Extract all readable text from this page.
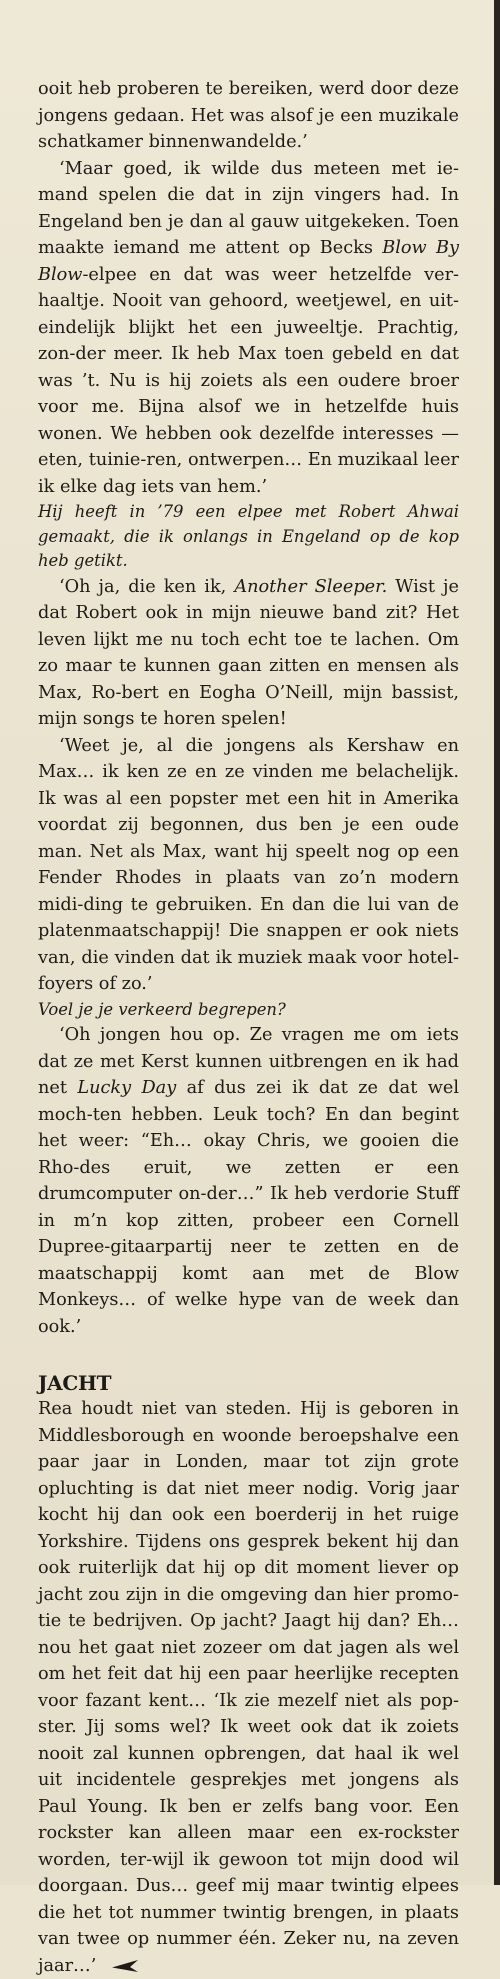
ooit heb proberen te bereiken, werd door deze jongens gedaan. Het was alsof je een muzikale schatkamer binnenwandelde.’

‘Maar goed, ik wilde dus meteen met ie-mand spelen die dat in zijn vingers had. In Engeland ben je dan al gauw uitgekeken. Toen maakte iemand me attent op Becks Blow By Blow-elpee en dat was weer hetzelfde ver-haaltje. Nooit van gehoord, weetjewel, en uit-eindelijk blijkt het een juweeltje. Prachtig, zon-der meer. Ik heb Max toen gebeld en dat was ’t. Nu is hij zoiets als een oudere broer voor me. Bijna alsof we in hetzelfde huis wonen. We hebben ook dezelfde interesses — eten, tuinie-ren, ontwerpen… En muzikaal leer ik elke dag iets van hem.’

Hij heeft in ’79 een elpee met Robert Ahwai gemaakt, die ik onlangs in Engeland op de kop heb getikt.

‘Oh ja, die ken ik, Another Sleeper. Wist je dat Robert ook in mijn nieuwe band zit? Het leven lijkt me nu toch echt toe te lachen. Om zo maar te kunnen gaan zitten en mensen als Max, Ro-bert en Eogha O’Neill, mijn bassist, mijn songs te horen spelen!

‘Weet je, al die jongens als Kershaw en Max… ik ken ze en ze vinden me belachelijk. Ik was al een popster met een hit in Amerika voordat zij begonnen, dus ben je een oude man. Net als Max, want hij speelt nog op een Fender Rhodes in plaats van zo’n modern midi-ding te gebruiken. En dan die lui van de platenmaatschappij! Die snappen er ook niets van, die vinden dat ik muziek maak voor hotel-foyers of zo.’

Voel je je verkeerd begrepen?

‘Oh jongen hou op. Ze vragen me om iets dat ze met Kerst kunnen uitbrengen en ik had net Lucky Day af dus zei ik dat ze dat wel moch-ten hebben. Leuk toch? En dan begint het weer: “Eh… okay Chris, we gooien die Rho-des eruit, we zetten er een drumcomputer on-der…” Ik heb verdorie Stuff in m’n kop zitten, probeer een Cornell Dupree-gitaarpartij neer te zetten en de maatschappij komt aan met de Blow Monkeys… of welke hype van de week dan ook.’

JACHT

Rea houdt niet van steden. Hij is geboren in Middlesborough en woonde beroepshalve een paar jaar in Londen, maar tot zijn grote opluchting is dat niet meer nodig. Vorig jaar kocht hij dan ook een boerderij in het ruige Yorkshire. Tijdens ons gesprek bekent hij dan ook ruiterlijk dat hij op dit moment liever op jacht zou zijn in die omgeving dan hier promo-tie te bedrijven. Op jacht? Jaagt hij dan? Eh… nou het gaat niet zozeer om dat jagen als wel om het feit dat hij een paar heerlijke recepten voor fazant kent… ‘Ik zie mezelf niet als pop-ster. Jij soms wel? Ik weet ook dat ik zoiets nooit zal kunnen opbrengen, dat haal ik wel uit incidentele gesprekjes met jongens als Paul Young. Ik ben er zelfs bang voor. Een rockster kan alleen maar een ex-rockster worden, ter-wijl ik gewoon tot mijn dood wil doorgaan. Dus… geef mij maar twintig elpees die het tot nummer twintig brengen, in plaats van twee op nummer één. Zeker nu, na zeven jaar…’
